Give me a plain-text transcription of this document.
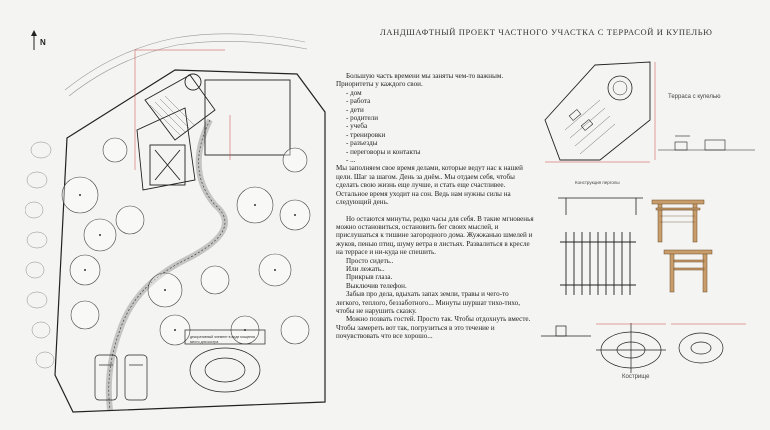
ЛАНДШАФТНЫЙ ПРОЕКТ ЧАСТНОГО УЧАСТКА С ТЕРРАСОЙ И КУПЕЛЬЮ
N
декоративный элемент в виде мощения
место для костра

Большую часть времени мы заняты чем-то важным. Приоритеты у каждого свои.

- дом
- работа
- дети
- родители
- учеба
- тренировки
- разъезды
- переговоры и контакты
- ...

Мы заполняем свое время делами, которые ведут нас к нашей цели. Шаг за шагом. День за днём.. Мы отдаем себя, чтобы сделать свою жизнь еще лучше, и стать еще счастливее. Остальное время уходит на сон. Ведь нам нужны силы на следующий день.

Но остаются минуты, редко часы для себя. В такие мгновенья можно остановиться, остановить бег своих мыслей, и прислушаться к тишине загородного дома. Жужжанью шмелей и жуков, пенью птиц, шуму ветра в листьях. Развалиться в кресле на террасе и ни-куда не спешить.

Просто сидеть..

Или лежать..

Прикрыв глаза.

Выключив телефон.

Забыв про дела, вдыхать запах земли, травы и чего-то легкого, теплого, беззаботного... Минуты шуршат тихо-тихо, чтобы не нарушить сказку.

Можно позвать гостей. Просто так. Чтобы отдохнуть вместе. Чтобы замереть вот так, погрузиться в это течение и почувствовать что все хорошо...

Терраса с купелью
Конструкция перголы
Кострище
